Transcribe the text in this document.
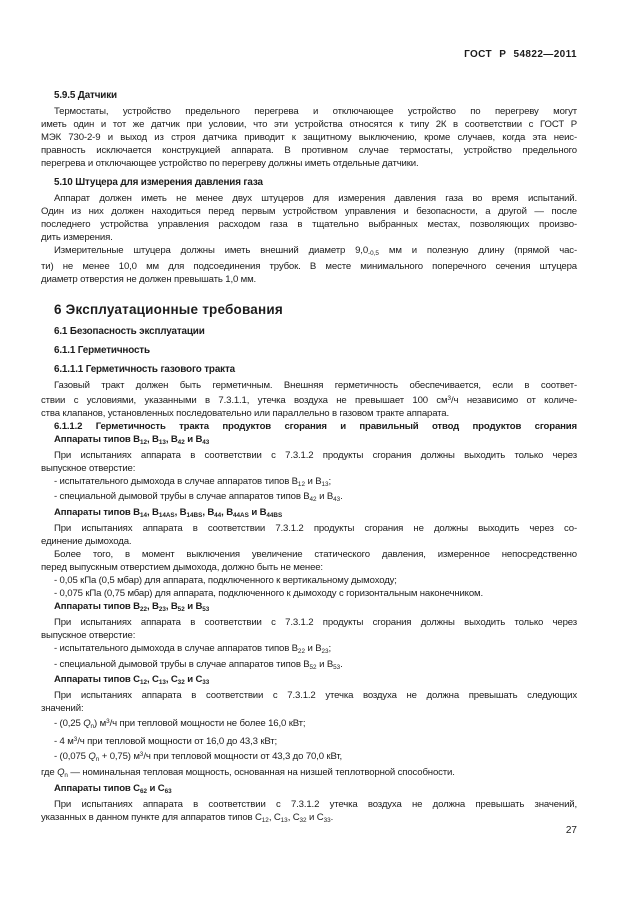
ГОСТ Р 54822—2011
5.9.5 Датчики
Термостаты, устройство предельного перегрева и отключающее устройство по перегреву могут
иметь один и тот же датчик при условии, что эти устройства относятся к типу 2К в соответствии с ГОСТ Р
МЭК 730-2-9 и выход из строя датчика приводит к защитному выключению, кроме случаев, когда эта неис-
правность исключается конструкцией аппарата. В противном случае термостаты, устройство предельного
перегрева и отключающее устройство по перегреву должны иметь отдельные датчики.
5.10 Штуцера для измерения давления газа
Аппарат должен иметь не менее двух штуцеров для измерения давления газа во время испытаний.
Один из них должен находиться перед первым устройством управления и безопасности, а другой — после
последнего устройства управления расходом газа в тщательно выбранных местах, позволяющих произво-
дить измерения.
Измерительные штуцера должны иметь внешний диаметр $9,0_{-0,5}$ мм и полезную длину (прямой час-
ти) не менее 10,0 мм для подсоединения трубок. В месте минимального поперечного сечения штуцера
диаметр отверстия не должен превышать 1,0 мм.
6 Эксплуатационные требования
6.1 Безопасность эксплуатации
6.1.1 Герметичность
6.1.1.1 Герметичность газового тракта
Газовый тракт должен быть герметичным. Внешняя герметичность обеспечивается, если в соответ-
ствии с условиями, указанными в 7.3.1.1, утечка воздуха не превышает 100 $см^3/ч$ независимо от количе-
ства клапанов, установленных последовательно или параллельно в газовом тракте аппарата.
6.1.1.2 Герметичность тракта продуктов сгорания и правильный отвод продуктов сгорания
Аппараты типов $В_{12}$, $В_{13}$, $В_{42}$ и $В_{43}$
При испытаниях аппарата в соответствии с 7.3.1.2 продукты сгорания должны выходить только через
выпускное отверстие:
- испытательного дымохода в случае аппаратов типов $В_{12}$ и $В_{13}$;
- специальной дымовой трубы в случае аппаратов типов $В_{42}$ и $В_{43}$.
Аппараты типов $В_{14}$, $В_{14AS}$, $В_{14BS}$, $В_{44}$, $В_{44AS}$ и $В_{44BS}$
При испытаниях аппарата в соответствии 7.3.1.2 продукты сгорания не должны выходить через со-
единение дымохода.
Более того, в момент выключения увеличение статического давления, измеренное непосредственно
перед выпускным отверстием дымохода, должно быть не менее:
- 0,05 кПа (0,5 мбар) для аппарата, подключенного к вертикальному дымоходу;
- 0,075 кПа (0,75 мбар) для аппарата, подключенного к дымоходу с горизонтальным наконечником.
Аппараты типов $В_{22}$, $В_{23}$, $В_{52}$ и $В_{53}$
При испытаниях аппарата в соответствии с 7.3.1.2 продукты сгорания должны выходить только через
выпускное отверстие:
- испытательного дымохода в случае аппаратов типов $В_{22}$ и $В_{23}$;
- специальной дымовой трубы в случае аппаратов типов $В_{52}$ и $В_{53}$.
Аппараты типов $С_{12}$, $С_{13}$, $С_{32}$ и $С_{33}$
При испытаниях аппарата в соответствии с 7.3.1.2 утечка воздуха не должна превышать следующих
значений:
- (0,25 $Q_n$) $м^3/ч$ при тепловой мощности не более 16,0 кВт;
- 4 $м^3/ч$ при тепловой мощности от 16,0 до 43,3 кВт;
- (0,075 $Q_n + 0,75$) $м^3/ч$ при тепловой мощности от 43,3 до 70,0 кВт,
где $Q_n$ — номинальная тепловая мощность, основанная на низшей теплотворной способности.
Аппараты типов $С_{62}$ и $С_{63}$
При испытаниях аппарата в соответствии с 7.3.1.2 утечка воздуха не должна превышать значений,
указанных в данном пункте для аппаратов типов $С_{12}$, $С_{13}$, $С_{32}$ и $С_{33}$.
27
